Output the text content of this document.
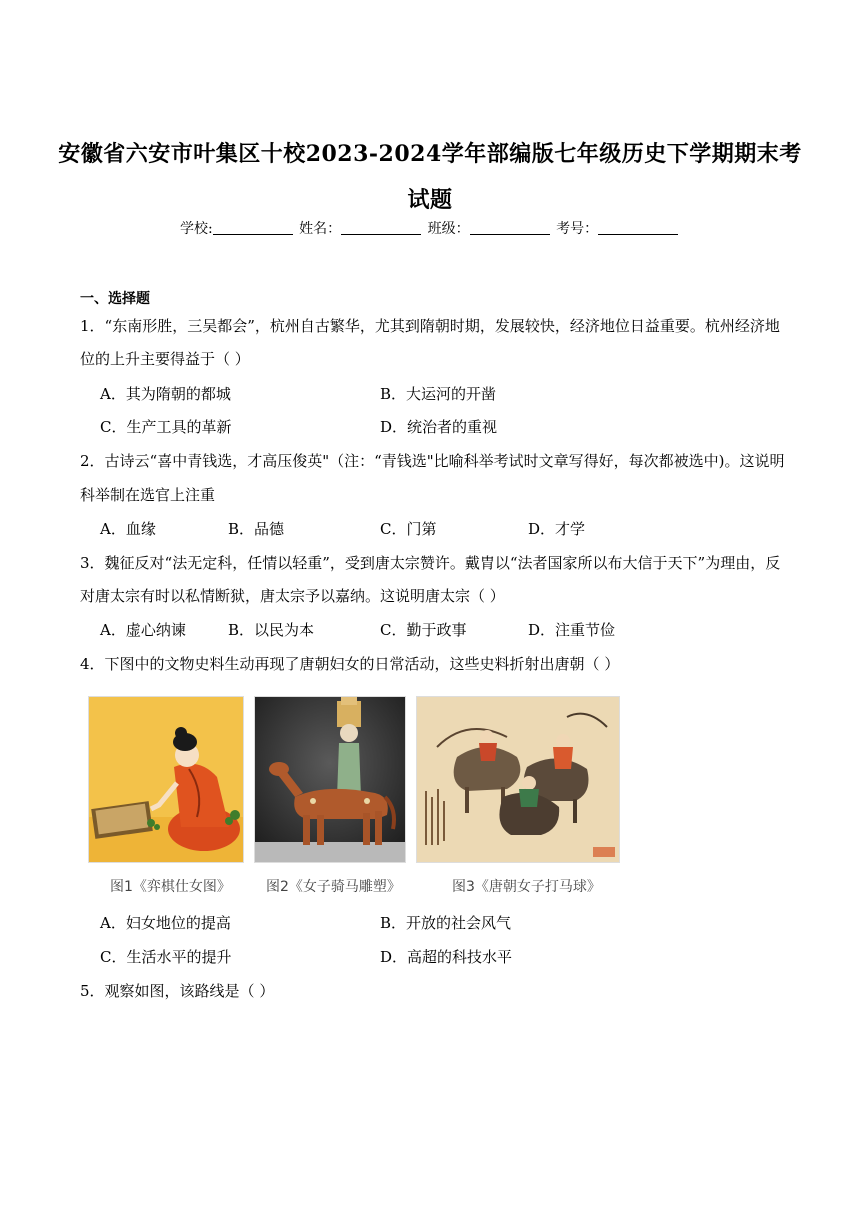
安徽省六安市叶集区十校2023-2024学年部编版七年级历史下学期期末考
试题
学校:	姓名：	班级：	考号：
一、选择题
1．“东南形胜，三吴都会”，杭州自古繁华，尤其到隋朝时期，发展较快，经济地位日益重要。杭州经济地
位的上升主要得益于（ ）
A．其为隋朝的都城	B．大运河的开凿
C．生产工具的革新	D．统治者的重视
2．古诗云“喜中青钱选，才高压俊英"（注：“青钱选"比喻科举考试时文章写得好，每次都被选中)。这说明
科举制在选官上注重
A．血缘	B．品德	C．门第	D．才学
3．魏征反对“法无定科，任情以轻重”，受到唐太宗赞许。戴胄以“法者国家所以布大信于天下”为理由，反
对唐太宗有时以私情断狱，唐太宗予以嘉纳。这说明唐太宗（ ）
A．虚心纳谏	B．以民为本	C．勤于政事	D．注重节俭
4．下图中的文物史料生动再现了唐朝妇女的日常活动，这些史料折射出唐朝（ ）
图1《弈棋仕女图》	图2《女子骑马雕塑》	图3《唐朝女子打马球》
A．妇女地位的提高	B．开放的社会风气
C．生活水平的提升	D．高超的科技水平
5．观察如图，该路线是（ ）
